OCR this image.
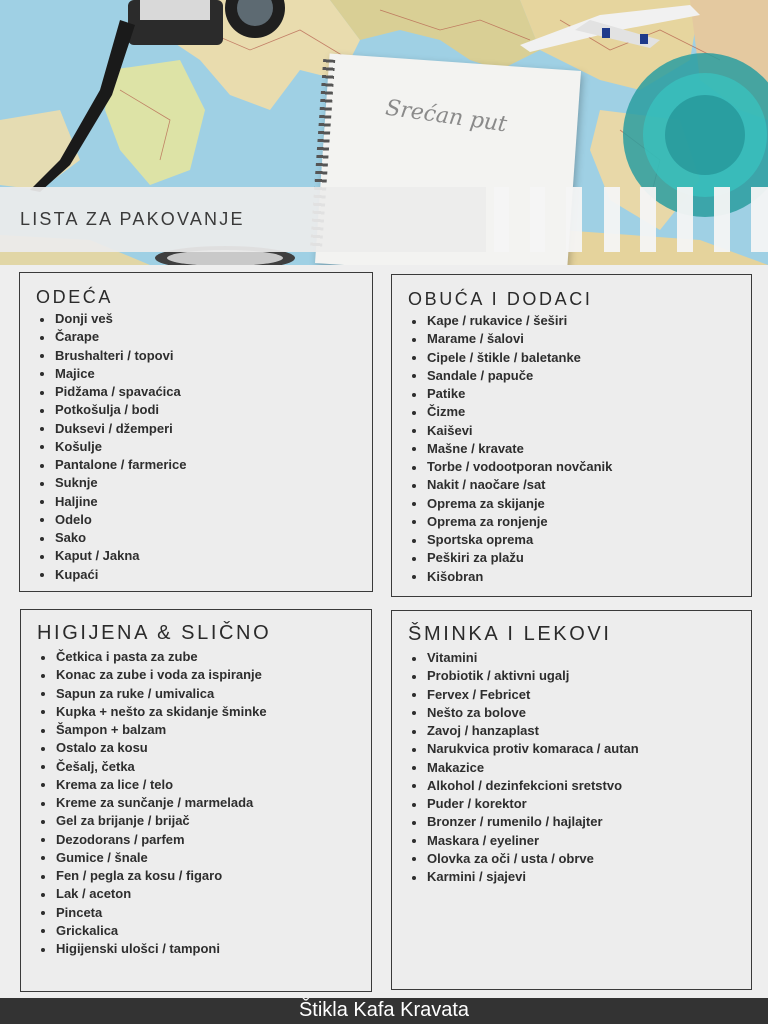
Srećan put
LISTA ZA PAKOVANJE
ODEĆA
Donji veš
Čarape
Brushalteri / topovi
Majice
Pidžama / spavaćica
Potkošulja / bodi
Duksevi / džemperi
Košulje
Pantalone / farmerice
Suknje
Haljine
Odelo
Sako
Kaput / Jakna
Kupaći
OBUĆA I DODACI
Kape / rukavice / šeširi
Marame / šalovi
Cipele / štikle / baletanke
Sandale / papuče
Patike
Čizme
Kaiševi
Mašne / kravate
Torbe / vodootporan novčanik
Nakit / naočare /sat
Oprema za skijanje
Oprema za ronjenje
Sportska oprema
Peškiri za plažu
Kišobran
HIGIJENA & SLIČNO
Četkica i pasta za zube
Konac za zube i voda za ispiranje
Sapun za ruke / umivalica
Kupka + nešto za skidanje šminke
Šampon + balzam
Ostalo za kosu
Češalj, četka
Krema za lice / telo
Kreme za sunčanje / marmelada
Gel za brijanje / brijač
Dezodorans / parfem
Gumice / šnale
Fen / pegla za kosu / figaro
Lak / aceton
Pinceta
Grickalica
Higijenski ulošci / tamponi
ŠMINKA I LEKOVI
Vitamini
Probiotik / aktivni ugalj
Fervex / Febricet
Nešto za bolove
Zavoj / hanzaplast
Narukvica protiv komaraca / autan
Makazice
Alkohol / dezinfekcioni sretstvo
Puder / korektor
Bronzer / rumenilo / hajlajter
Maskara / eyeliner
Olovka za oči / usta / obrve
Karmini / sjajevi
Štikla Kafa Kravata
